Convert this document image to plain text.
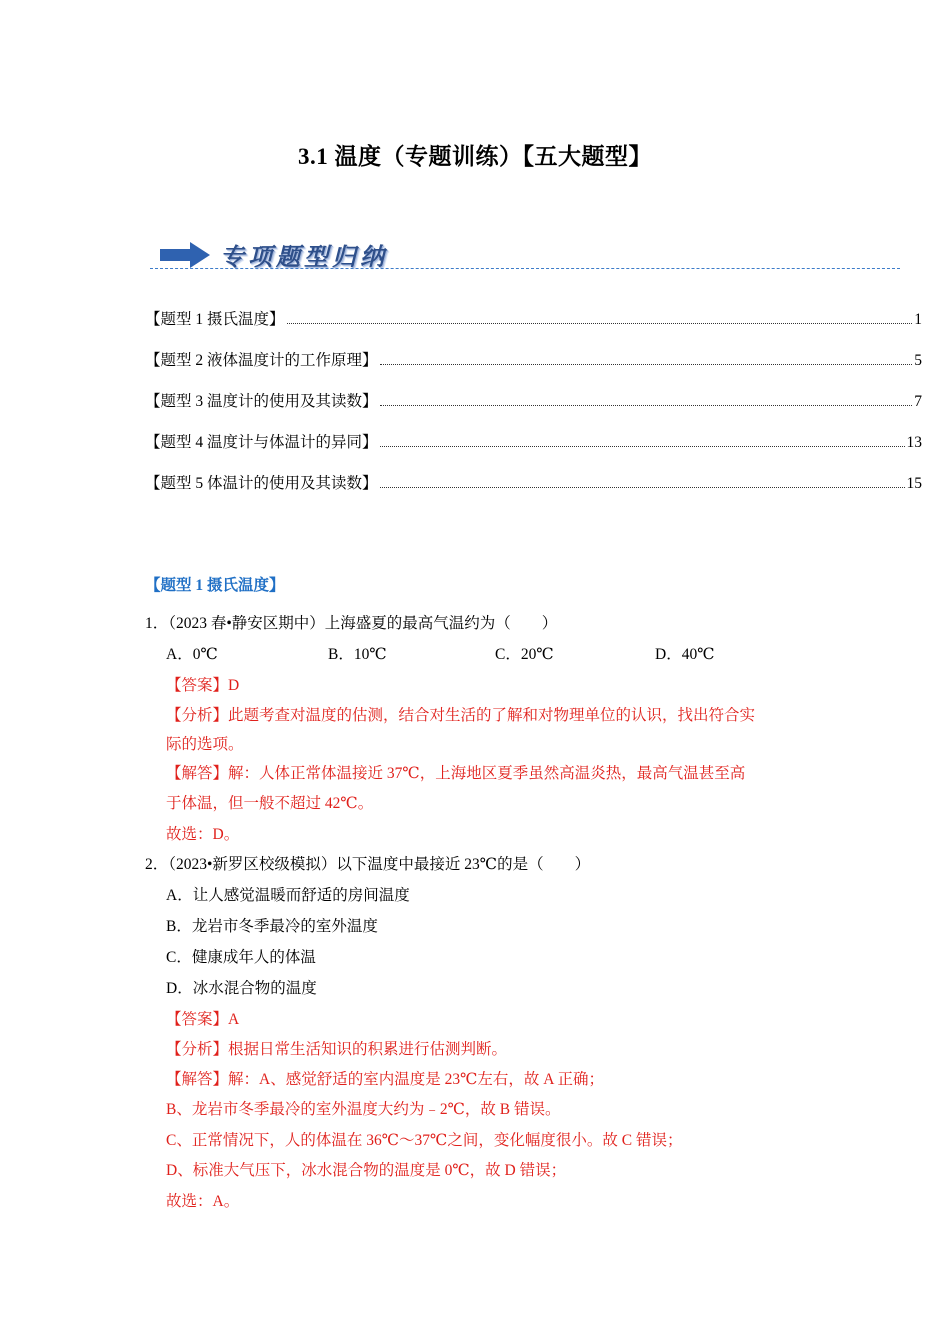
3.1 温度（专题训练）【五大题型】
专项题型归纳
【题型 1 摄氏温度】	1
【题型 2 液体温度计的工作原理】	5
【题型 3 温度计的使用及其读数】	7
【题型 4 温度计与体温计的异同】	13
【题型 5 体温计的使用及其读数】	15
【题型 1 摄氏温度】
1．（2023 春•静安区期中）上海盛夏的最高气温约为（　　）
A．0℃	B．10℃	C．20℃	D．40℃
【答案】D
【分析】此题考查对温度的估测，结合对生活的了解和对物理单位的认识，找出符合实
际的选项。
【解答】解：人体正常体温接近 37℃，上海地区夏季虽然高温炎热，最高气温甚至高
于体温，但一般不超过 42℃。
故选：D。
2．（2023•新罗区校级模拟）以下温度中最接近 23℃的是（　　）
A．让人感觉温暖而舒适的房间温度
B．龙岩市冬季最冷的室外温度
C．健康成年人的体温
D．冰水混合物的温度
【答案】A
【分析】根据日常生活知识的积累进行估测判断。
【解答】解：A、感觉舒适的室内温度是 23℃左右，故 A 正确；
B、龙岩市冬季最冷的室外温度大约为﹣2℃，故 B 错误。
C、正常情况下，人的体温在 36℃～37℃之间，变化幅度很小。故 C 错误；
D、标准大气压下，冰水混合物的温度是 0℃，故 D 错误；
故选：A。
